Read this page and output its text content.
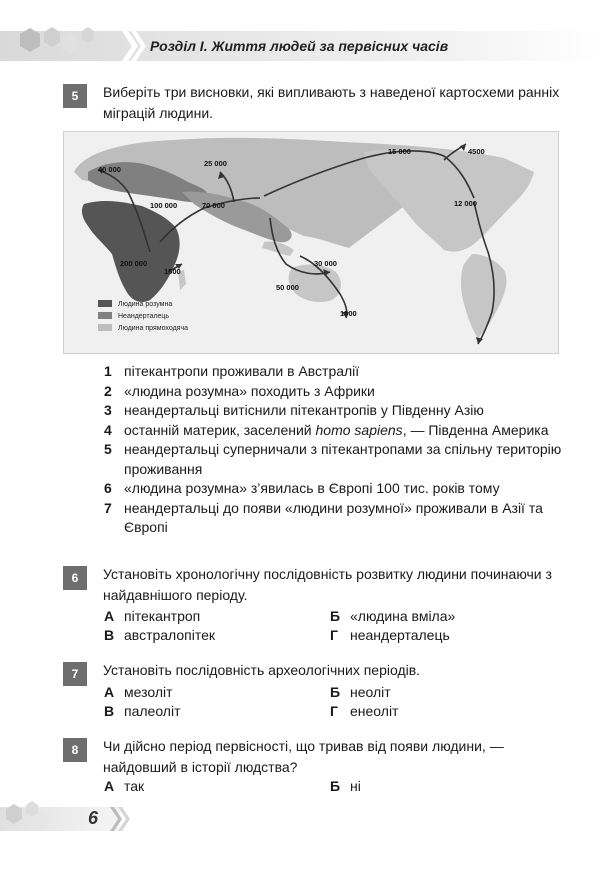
Розділ І. Життя людей за первісних часів
5	Виберіть три висновки, які випливають з наведеної картосхеми ранніх міграцій людини.
40 000
25 000
15 000	4500
100 000	70 000	12 000
200 000
1500
30 000
50 000
1500
Людина розумна
Неандерталець
Людина прямоходяча
1 пітекантропи проживали в Австралії
2 «людина розумна» походить з Африки
3 неандертальці витіснили пітекантропів у Південну Азію
4 останній материк, заселений homo sapiens, — Південна Америка
5 неандертальці суперничали з пітекантропами за спільну територію проживання
6 «людина розумна» з’явилась в Європі 100 тис. років тому
7 неандертальці до появи «людини розумної» проживали в Азії та Європі
6	Установіть хронологічну послідовність розвитку людини починаючи з найдавнішого періоду.
А пітекантроп	Б «людина вміла»
В австралопітек	Г неандерталець
7	Установіть послідовність археологічних періодів.
А мезоліт	Б неоліт
В палеоліт	Г енеоліт
8	Чи дійсно період первісності, що тривав від появи людини, — найдовший в історії людства?
А так	Б ні
6
